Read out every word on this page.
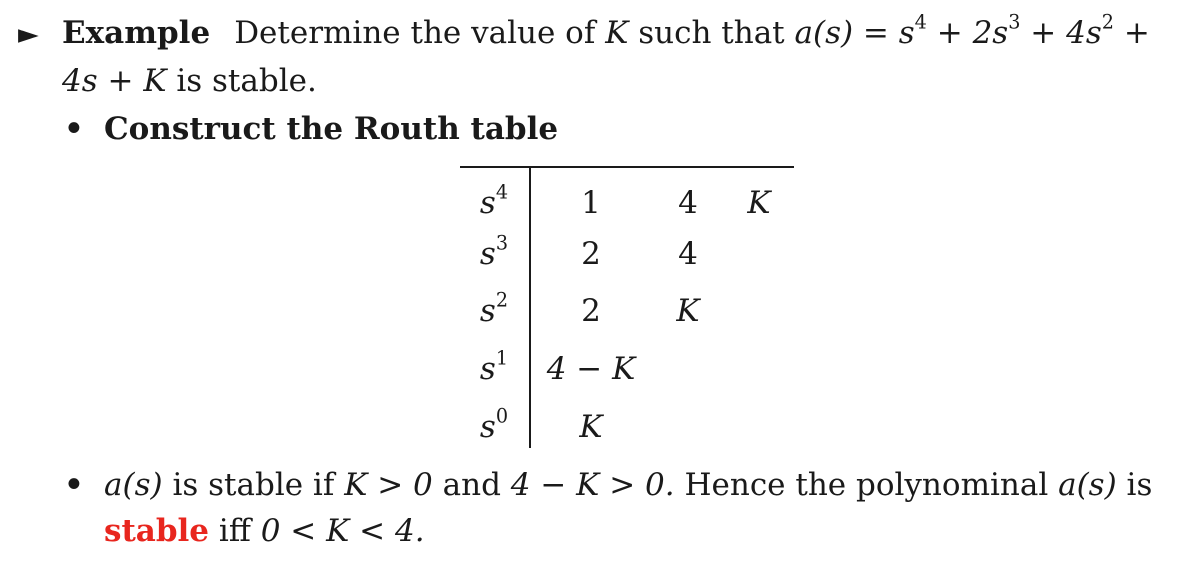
► Example Determine the value of K such that $a(s) = s^4 + 2s^3 + 4s^2$ +
4s + K is stable.
• Construct the Routh table
$s^4$ 1 4 K
$s^3$ 2 4
$s^2$ 2 K
$s^1$ 4 − K
$s^0$ K
• a(s) is stable if K > 0 and 4 − K > 0. Hence the polynominal a(s) is
stable iff 0 < K < 4.
